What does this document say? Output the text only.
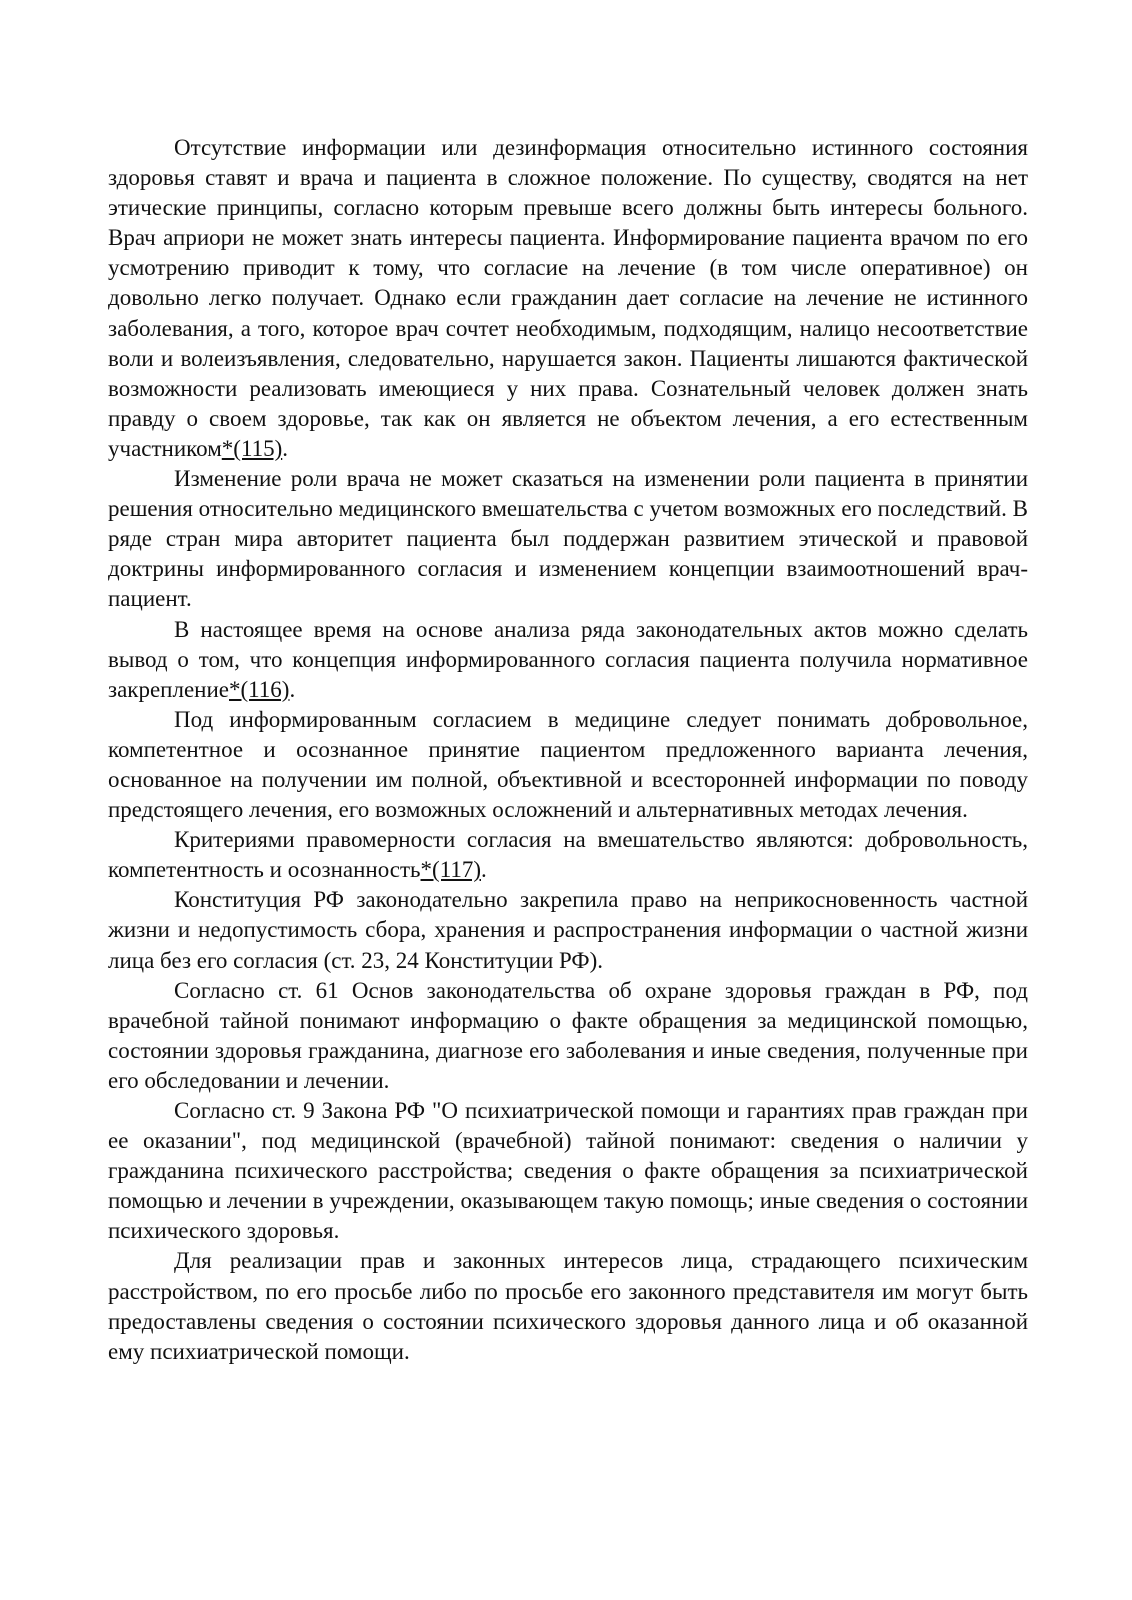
Отсутствие информации или дезинформация относительно истинного состояния здоровья ставят и врача и пациента в сложное положение. По существу, сводятся на нет этические принципы, согласно которым превыше всего должны быть интересы больного. Врач априори не может знать интересы пациента. Информирование пациента врачом по его усмотрению приводит к тому, что согласие на лечение (в том числе оперативное) он довольно легко получает. Однако если гражданин дает согласие на лечение не истинного заболевания, а того, которое врач сочтет необходимым, подходящим, налицо несоответствие воли и волеизъявления, следовательно, нарушается закон. Пациенты лишаются фактической возможности реализовать имеющиеся у них права. Сознательный человек должен знать правду о своем здоровье, так как он является не объектом лечения, а его естественным участником*(115).

Изменение роли врача не может сказаться на изменении роли пациента в принятии решения относительно медицинского вмешательства с учетом возможных его последствий. В ряде стран мира авторитет пациента был поддержан развитием этической и правовой доктрины информированного согласия и изменением концепции взаимоотношений врач-пациент.

В настоящее время на основе анализа ряда законодательных актов можно сделать вывод о том, что концепция информированного согласия пациента получила нормативное закрепление*(116).

Под информированным согласием в медицине следует понимать добровольное, компетентное и осознанное принятие пациентом предложенного варианта лечения, основанное на получении им полной, объективной и всесторонней информации по поводу предстоящего лечения, его возможных осложнений и альтернативных методах лечения.

Критериями правомерности согласия на вмешательство являются: добровольность, компетентность и осознанность*(117).

Конституция РФ законодательно закрепила право на неприкосновенность частной жизни и недопустимость сбора, хранения и распространения информации о частной жизни лица без его согласия (ст. 23, 24 Конституции РФ).

Согласно ст. 61 Основ законодательства об охране здоровья граждан в РФ, под врачебной тайной понимают информацию о факте обращения за медицинской помощью, состоянии здоровья гражданина, диагнозе его заболевания и иные сведения, полученные при его обследовании и лечении.

Согласно ст. 9 Закона РФ "О психиатрической помощи и гарантиях прав граждан при ее оказании", под медицинской (врачебной) тайной понимают: сведения о наличии у гражданина психического расстройства; сведения о факте обращения за психиатрической помощью и лечении в учреждении, оказывающем такую помощь; иные сведения о состоянии психического здоровья.

Для реализации прав и законных интересов лица, страдающего психическим расстройством, по его просьбе либо по просьбе его законного представителя им могут быть предоставлены сведения о состоянии психического здоровья данного лица и об оказанной ему психиатрической помощи.
